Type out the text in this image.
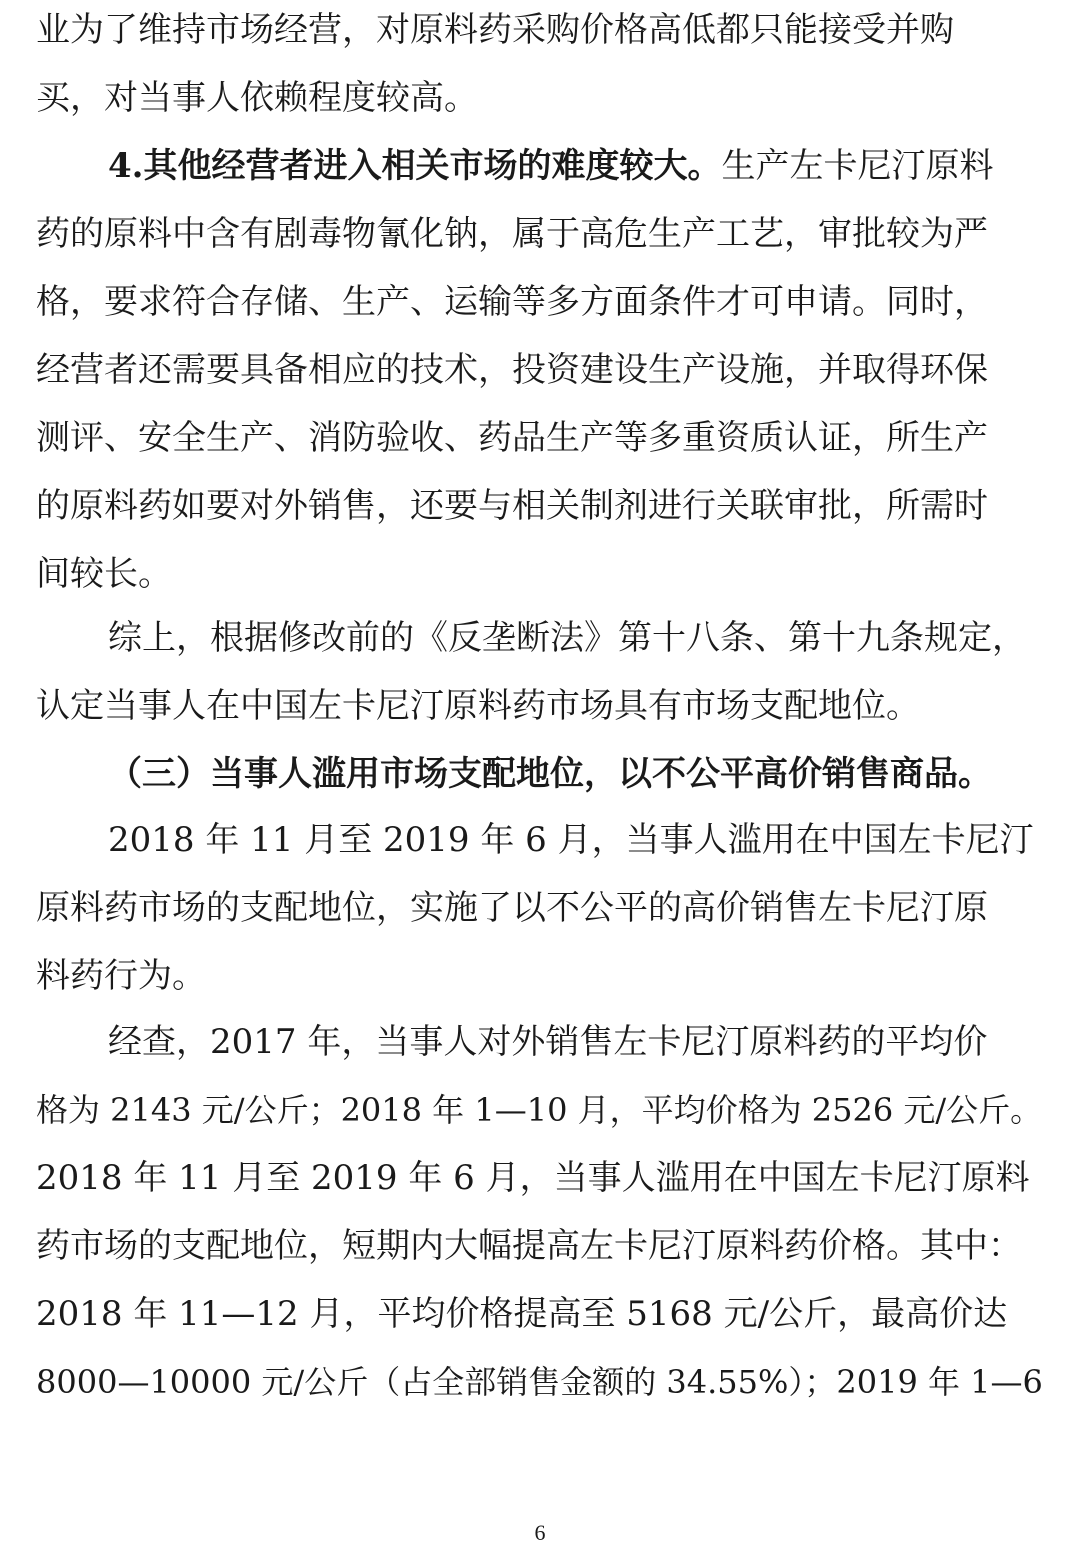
业为了维持市场经营，对原料药采购价格高低都只能接受并购
买，对当事人依赖程度较高。
4.其他经营者进入相关市场的难度较大。生产左卡尼汀原料
药的原料中含有剧毒物氰化钠，属于高危生产工艺，审批较为严
格，要求符合存储、生产、运输等多方面条件才可申请。同时，
经营者还需要具备相应的技术，投资建设生产设施，并取得环保
测评、安全生产、消防验收、药品生产等多重资质认证，所生产
的原料药如要对外销售，还要与相关制剂进行关联审批，所需时
间较长。
综上，根据修改前的《反垄断法》第十八条、第十九条规定，
认定当事人在中国左卡尼汀原料药市场具有市场支配地位。
（三）当事人滥用市场支配地位，以不公平高价销售商品。
2018 年 11 月至 2019 年 6 月，当事人滥用在中国左卡尼汀
原料药市场的支配地位，实施了以不公平的高价销售左卡尼汀原
料药行为。
经查，2017 年，当事人对外销售左卡尼汀原料药的平均价
格为 2143 元/公斤；2018 年 1—10 月，平均价格为 2526 元/公斤。
2018 年 11 月至 2019 年 6 月，当事人滥用在中国左卡尼汀原料
药市场的支配地位，短期内大幅提高左卡尼汀原料药价格。其中：
2018 年 11—12 月，平均价格提高至 5168 元/公斤，最高价达
8000—10000 元/公斤（占全部销售金额的 34.55%）；2019 年 1—6
6
